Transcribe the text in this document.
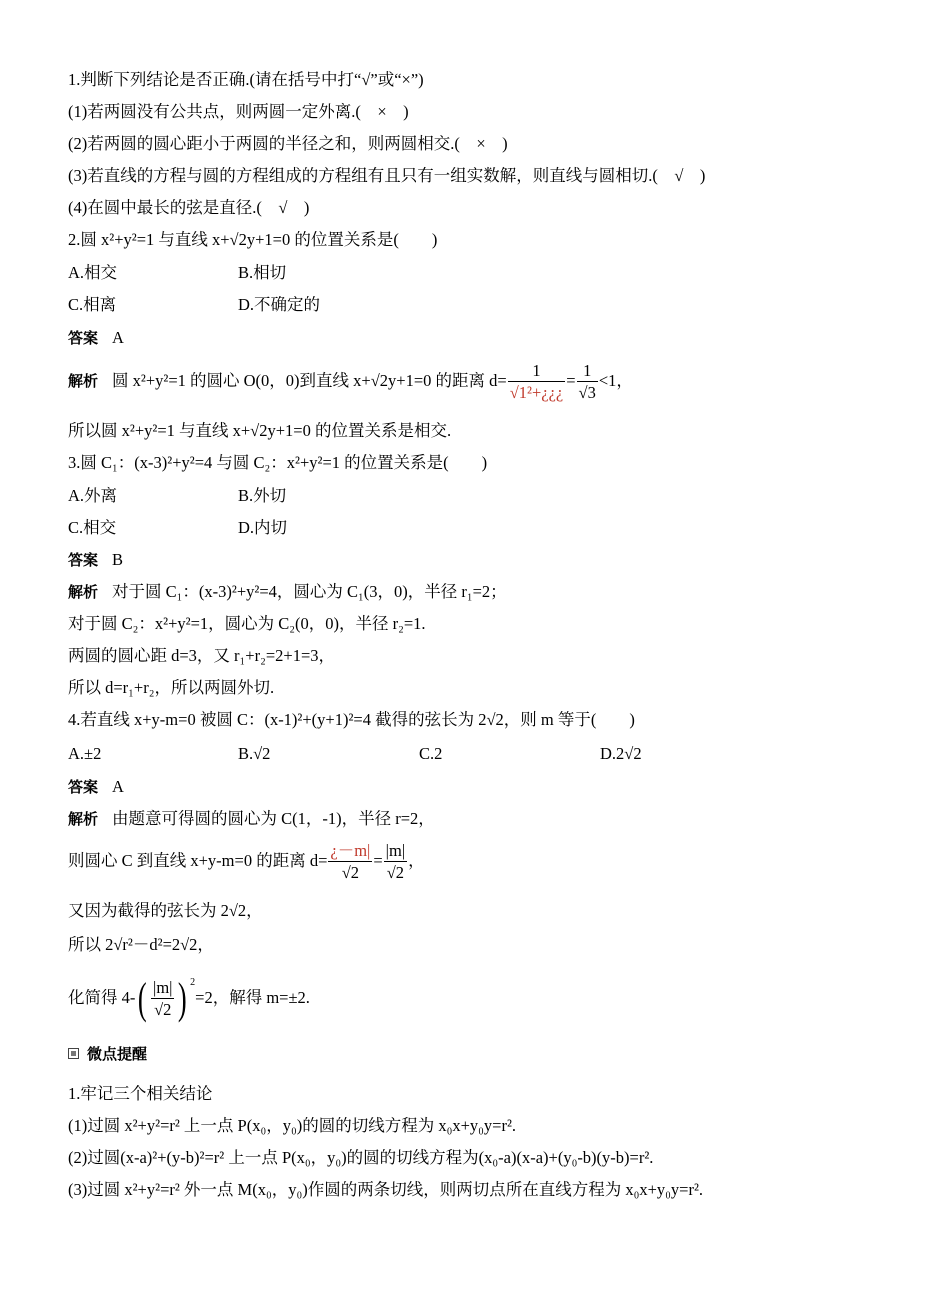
1.判断下列结论是否正确.(请在括号中打“√”或“×”)
(1)若两圆没有公共点，则两圆一定外离.(　×　)
(2)若两圆的圆心距小于两圆的半径之和，则两圆相交.(　×　)
(3)若直线的方程与圆的方程组成的方程组有且只有一组实数解，则直线与圆相切.(　√　)
(4)在圆中最长的弦是直径.(　√　)
2.圆 x²+y²=1 与直线 x+√2y+1=0 的位置关系是(　　)
A.相交	B.相切
C.相离	D.不确定的
答案 A
解析 圆 x²+y²=1 的圆心 O(0，0)到直线 x+√2y+1=0 的距离 $d= \frac{1}{\text{√1²+¿¿¿}} = \frac{1}{√3} <1$，
所以圆 x²+y²=1 与直线 x+√2y+1=0 的位置关系是相交.
3.圆 C₁：(x-3)²+y²=4 与圆 C₂：x²+y²=1 的位置关系是(　　)
A.外离	B.外切
C.相交	D.内切
答案 B
解析 对于圆 C₁：(x-3)²+y²=4，圆心为 C₁(3，0)，半径 r₁=2；
对于圆 C₂：x²+y²=1，圆心为 C₂(0，0)，半径 r₂=1.
两圆的圆心距 d=3，又 r₁+r₂=2+1=3，
所以 d=r₁+r₂，所以两圆外切.
4.若直线 x+y-m=0 被圆 C：(x-1)²+(y+1)²=4 截得的弦长为 2√2，则 m 等于(　　)
A.±2	B.√2	C.2	D.2√2
答案 A
解析 由题意可得圆的圆心为 C(1，-1)，半径 r=2，
则圆心 C 到直线 x+y-m=0 的距离 $d= \frac{¿-m|}{√2} = \frac{|m|}{√2}$ ，
又因为截得的弦长为 2√2，
所以 2√r²－d²=2√2，
化简得 $4-( \frac{|m|}{√2}$ ) $^2$=2，解得 m=±2.
微点提醒
1.牢记三个相关结论
(1)过圆 x²+y²=r² 上一点 P(x₀，y₀)的圆的切线方程为 x₀x+y₀y=r².
(2)过圆(x-a)²+(y-b)²=r² 上一点 P(x₀，y₀)的圆的切线方程为(x₀-a)(x-a)+(y₀-b)(y-b)=r².
(3)过圆 x²+y²=r² 外一点 M(x₀，y₀)作圆的两条切线，则两切点所在直线方程为 x₀x+y₀y=r².
